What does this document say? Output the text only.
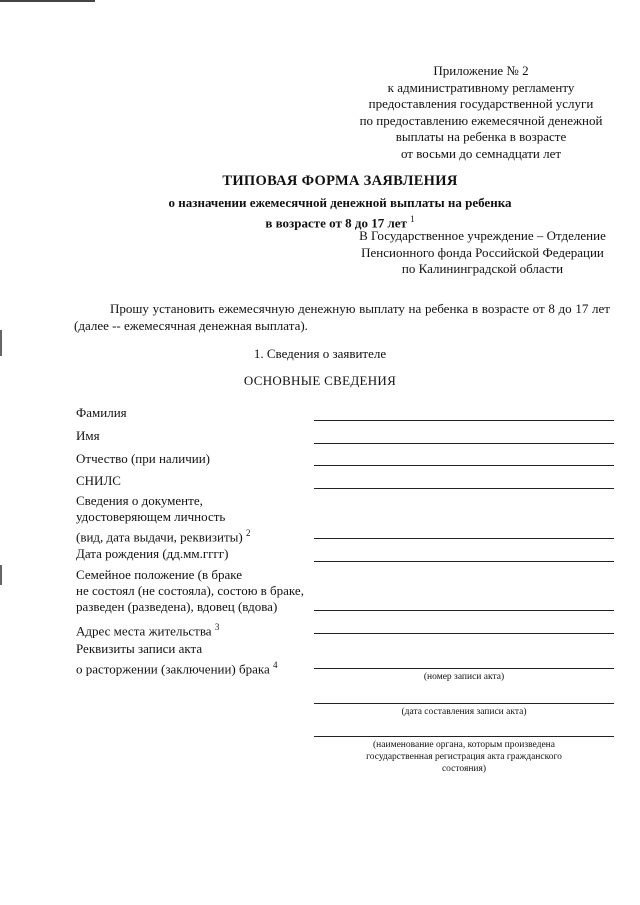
Приложение № 2
к административному регламенту
предоставления государственной услуги
по предоставлению ежемесячной денежной
выплаты на ребенка в возрасте
от восьми до семнадцати лет
ТИПОВАЯ ФОРМА ЗАЯВЛЕНИЯ
о назначении ежемесячной денежной выплаты на ребенка
в возрасте от 8 до 17 лет $^1$
В Государственное учреждение – Отделение
Пенсионного фонда Российской Федерации
по Калининградской области
Прошу установить ежемесячную денежную выплату на ребенка в возрасте от 8 до 17 лет (далее -- ежемесячная денежная выплата).
1. Сведения о заявителе
ОСНОВНЫЕ СВЕДЕНИЯ
Фамилия
Имя
Отчество (при наличии)
СНИЛС
Сведения о документе,
удостоверяющем личность
(вид, дата выдачи, реквизиты) $^2$
Дата рождения (дд.мм.гггг)
Семейное положение (в браке
не состоял (не состояла), состою в браке,
разведен (разведена), вдовец (вдова)
Адрес места жительства $^3$
Реквизиты записи акта
о расторжении (заключении) брака $^4$
(номер записи акта)
(дата составления записи акта)
(наименование органа, которым произведена
государственная регистрация акта гражданского
состояния)
